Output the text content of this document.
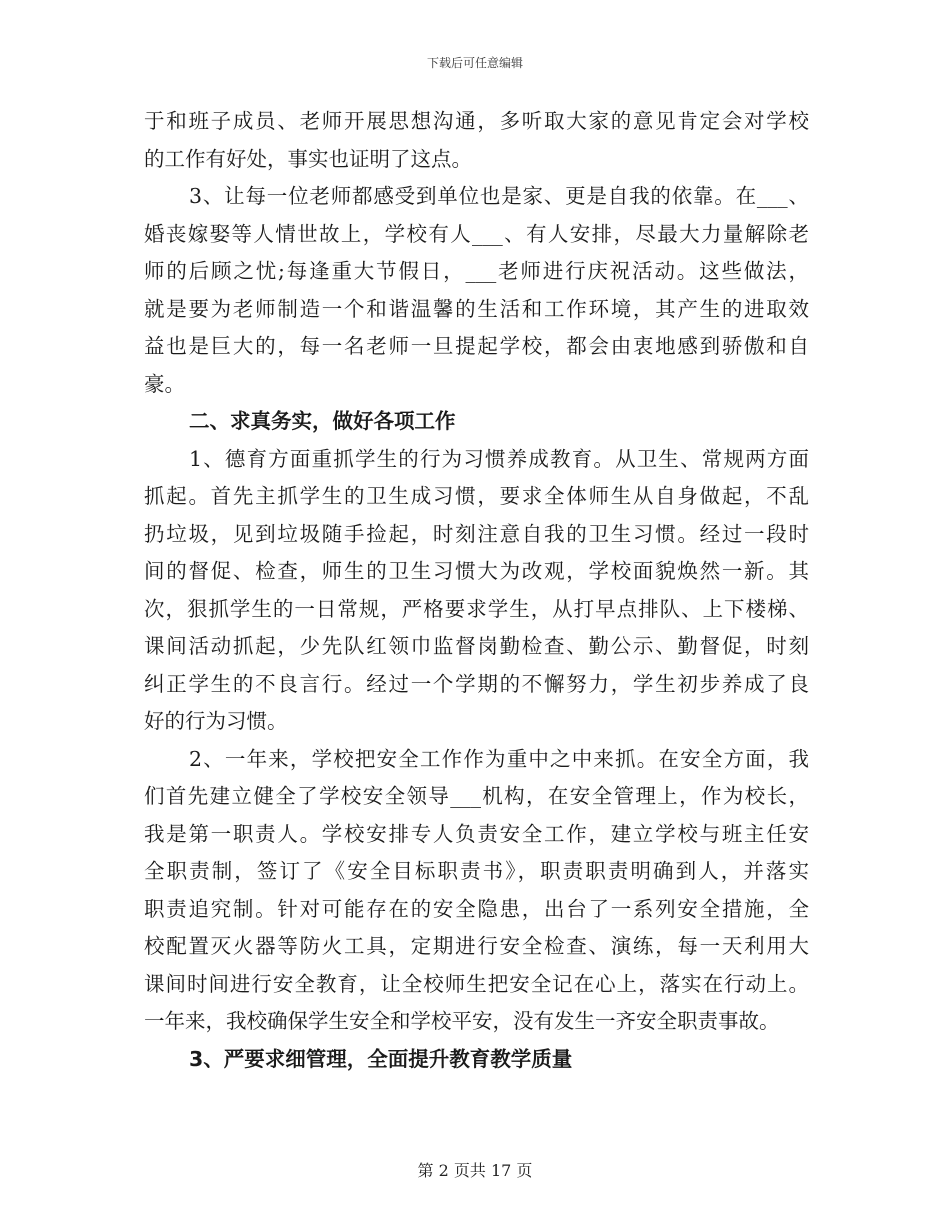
下载后可任意编辑

于和班子成员、老师开展思想沟通，多听取大家的意见肯定会对学校
的工作有好处，事实也证明了这点。

3、让每一位老师都感受到单位也是家、更是自我的依靠。在___、
婚丧嫁娶等人情世故上，学校有人___、有人安排，尽最大力量解除老
师的后顾之忧;每逢重大节假日，___老师进行庆祝活动。这些做法，
就是要为老师制造一个和谐温馨的生活和工作环境，其产生的进取效
益也是巨大的，每一名老师一旦提起学校，都会由衷地感到骄傲和自
豪。

二、求真务实，做好各项工作

1、德育方面重抓学生的行为习惯养成教育。从卫生、常规两方面
抓起。首先主抓学生的卫生成习惯，要求全体师生从自身做起，不乱
扔垃圾，见到垃圾随手捡起，时刻注意自我的卫生习惯。经过一段时
间的督促、检查，师生的卫生习惯大为改观，学校面貌焕然一新。其
次，狠抓学生的一日常规，严格要求学生，从打早点排队、上下楼梯、
课间活动抓起，少先队红领巾监督岗勤检查、勤公示、勤督促，时刻
纠正学生的不良言行。经过一个学期的不懈努力，学生初步养成了良
好的行为习惯。

2、一年来，学校把安全工作作为重中之中来抓。在安全方面，我
们首先建立健全了学校安全领导___机构，在安全管理上，作为校长，
我是第一职责人。学校安排专人负责安全工作，建立学校与班主任安
全职责制，签订了《安全目标职责书》，职责职责明确到人，并落实
职责追究制。针对可能存在的安全隐患，出台了一系列安全措施，全
校配置灭火器等防火工具，定期进行安全检查、演练，每一天利用大
课间时间进行安全教育，让全校师生把安全记在心上，落实在行动上。
一年来，我校确保学生安全和学校平安，没有发生一齐安全职责事故。

3、严要求细管理，全面提升教育教学质量

第 2 页共 17 页
